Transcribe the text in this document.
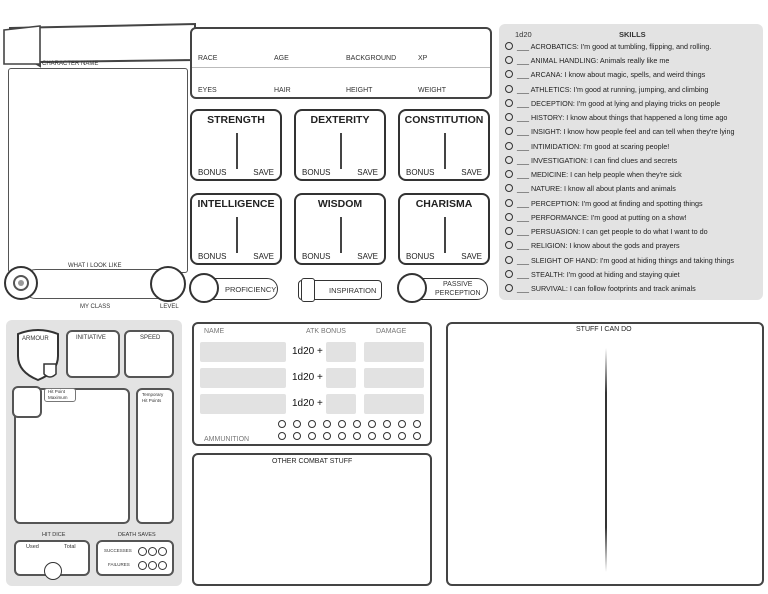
CHARACTER NAME
WHAT I LOOK LIKE
MY CLASS	LEVEL
RACE	AGE	BACKGROUND	XP
EYES	HAIR	HEIGHT	WEIGHT
STRENGTH
BONUS	SAVE
DEXTERITY
BONUS	SAVE
CONSTITUTION
BONUS	SAVE
INTELLIGENCE
BONUS	SAVE
WISDOM
BONUS	SAVE
CHARISMA
BONUS	SAVE
PROFICIENCY	INSPIRATION
PASSIVE
PERCEPTION
1d20	SKILLS
___ ACROBATICS: I'm good at tumbling, flipping, and rolling.
___ ANIMAL HANDLING: Animals really like me
___ ARCANA: I know about magic, spells, and weird things
___ ATHLETICS: I'm good at running, jumping, and climbing
___ DECEPTION: I'm good at lying and playing tricks on people
___ HISTORY: I know about things that happened a long time ago
___ INSIGHT: I know how people feel and can tell when they're lying
___ INTIMIDATION: I'm good at scaring people!
___ INVESTIGATION: I can find clues and secrets
___ MEDICINE: I can help people when they're sick
___ NATURE: I know all about plants and animals
___ PERCEPTION: I'm good at finding and spotting things
___ PERFORMANCE: I'm good at putting on a show!
___ PERSUASION: I can get people to do what I want to do
___ RELIGION: I know about the gods and prayers
___ SLEIGHT OF HAND: I'm good at hiding things and taking things
___ STEALTH: I'm good at hiding and staying quiet
___ SURVIVAL: I can follow footprints and track animals
ARMOUR	INITIATIVE	SPEED
Hit Point
Maximum
Temporary
Hit Points
HIT DICE	DEATH SAVES
Used	Total
SUCCESSES
FAILURES
NAME	ATK BONUS	DAMAGE
1d20 +
1d20 +
1d20 +
AMMUNITION
OTHER COMBAT STUFF
STUFF I CAN DO
